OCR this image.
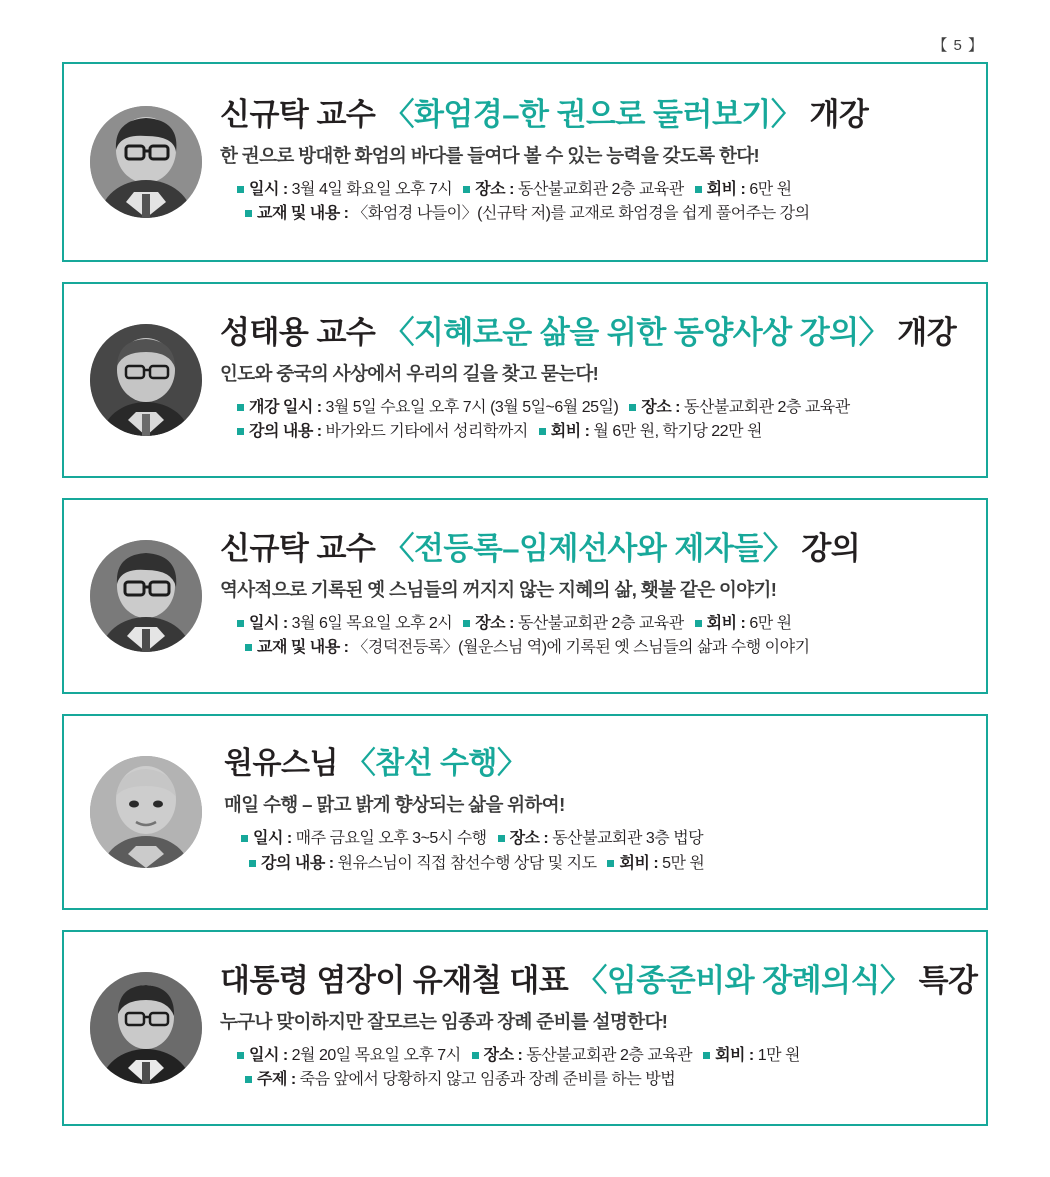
【 5 】
신규탁 교수 〈화엄경–한 권으로 둘러보기〉 개강
한 권으로 방대한 화엄의 바다를 들여다 볼 수 있는 능력을 갖도록 한다!
일시 : 3월 4일 화요일 오후 7시 장소 : 동산불교회관 2층 교육관 회비 : 6만 원
교재 및 내용 : 〈화엄경 나들이〉(신규탁 저)를 교재로 화엄경을 쉽게 풀어주는 강의
성태용 교수 〈지혜로운 삶을 위한 동양사상 강의〉 개강
인도와 중국의 사상에서 우리의 길을 찾고 묻는다!
개강 일시 : 3월 5일 수요일 오후 7시 (3월 5일~6월 25일) 장소 : 동산불교회관 2층 교육관
강의 내용 : 바가와드 기타에서 성리학까지 회비 : 월 6만 원, 학기당 22만 원
신규탁 교수 〈전등록–임제선사와 제자들〉 강의
역사적으로 기록된 옛 스님들의 꺼지지 않는 지혜의 삶, 횃불 같은 이야기!
일시 : 3월 6일 목요일 오후 2시 장소 : 동산불교회관 2층 교육관 회비 : 6만 원
교재 및 내용 : 〈경덕전등록〉(월운스님 역)에 기록된 옛 스님들의 삶과 수행 이야기
원유스님 〈참선 수행〉
매일 수행 – 맑고 밝게 향상되는 삶을 위하여!
일시 : 매주 금요일 오후 3~5시 수행 장소 : 동산불교회관 3층 법당
강의 내용 : 원유스님이 직접 참선수행 상담 및 지도 회비 : 5만 원
대통령 염장이 유재철 대표 〈임종준비와 장례의식〉 특강
누구나 맞이하지만 잘모르는 임종과 장례 준비를 설명한다!
일시 : 2월 20일 목요일 오후 7시 장소 : 동산불교회관 2층 교육관 회비 : 1만 원
주제 : 죽음 앞에서 당황하지 않고 임종과 장례 준비를 하는 방법
